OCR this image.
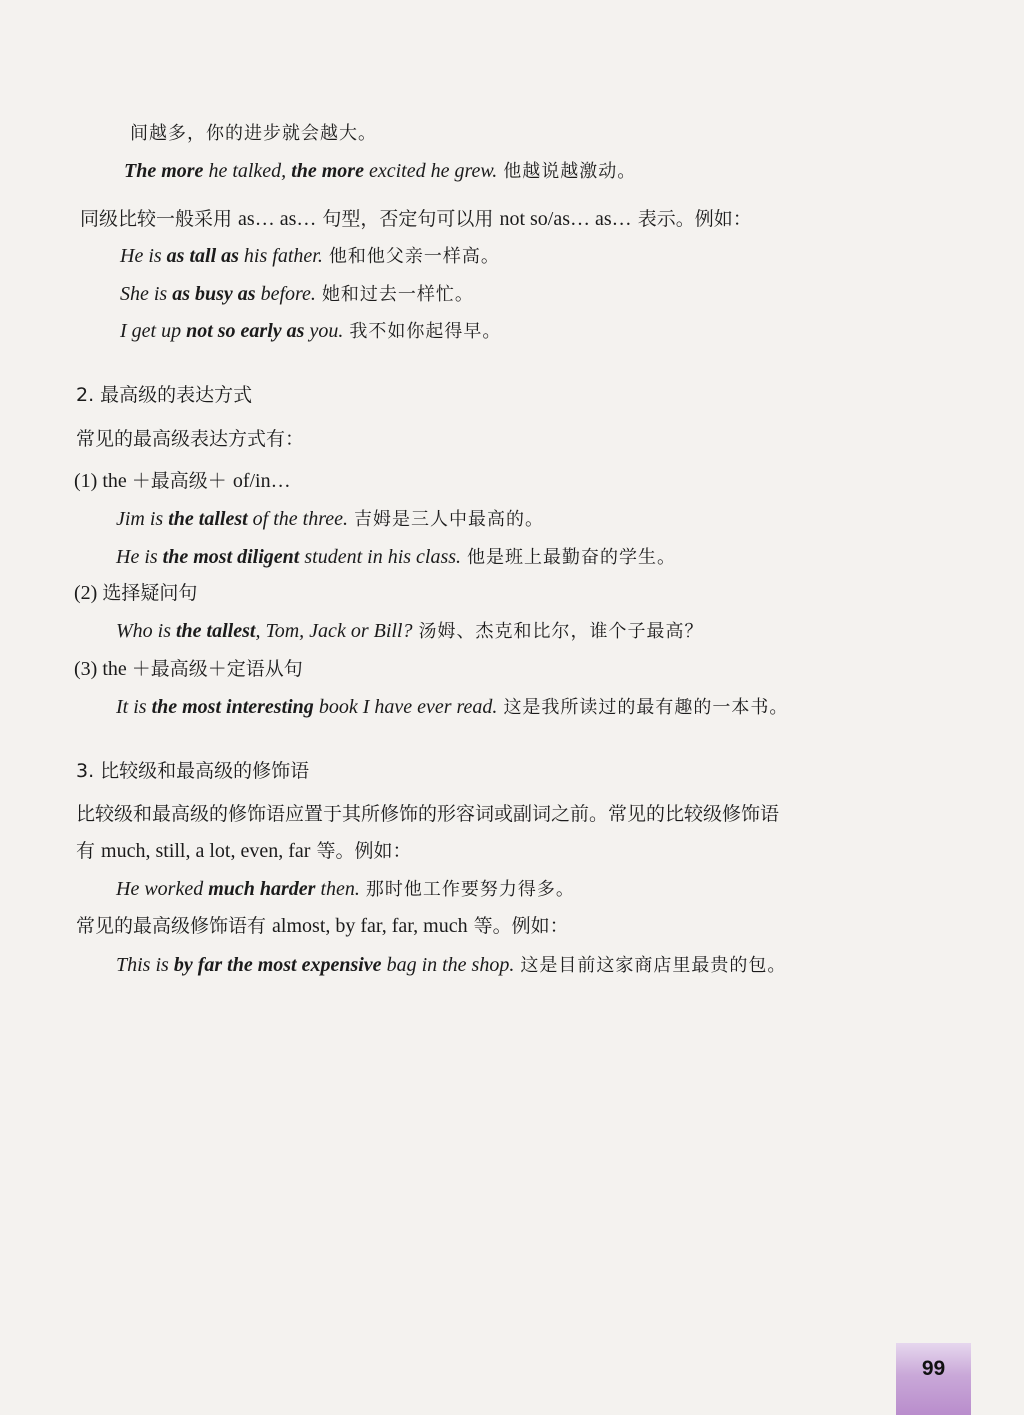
间越多，你的进步就会越大。
The more he talked, the more excited he grew. 他越说越激动。
同级比较一般采用 as… as… 句型，否定句可以用 not so/as… as… 表示。例如：
He is as tall as his father. 他和他父亲一样高。
She is as busy as before. 她和过去一样忙。
I get up not so early as you. 我不如你起得早。
2. 最高级的表达方式
常见的最高级表达方式有：
(1) the ＋最高级＋ of/in…
Jim is the tallest of the three. 吉姆是三人中最高的。
He is the most diligent student in his class. 他是班上最勤奋的学生。
(2) 选择疑问句
Who is the tallest, Tom, Jack or Bill? 汤姆、杰克和比尔，谁个子最高？
(3) the ＋最高级＋定语从句
It is the most interesting book I have ever read. 这是我所读过的最有趣的一本书。
3. 比较级和最高级的修饰语
比较级和最高级的修饰语应置于其所修饰的形容词或副词之前。常见的比较级修饰语
有 much, still, a lot, even, far 等。例如：
He worked much harder then. 那时他工作要努力得多。
常见的最高级修饰语有 almost, by far, far, much 等。例如：
This is by far the most expensive bag in the shop. 这是目前这家商店里最贵的包。
99
